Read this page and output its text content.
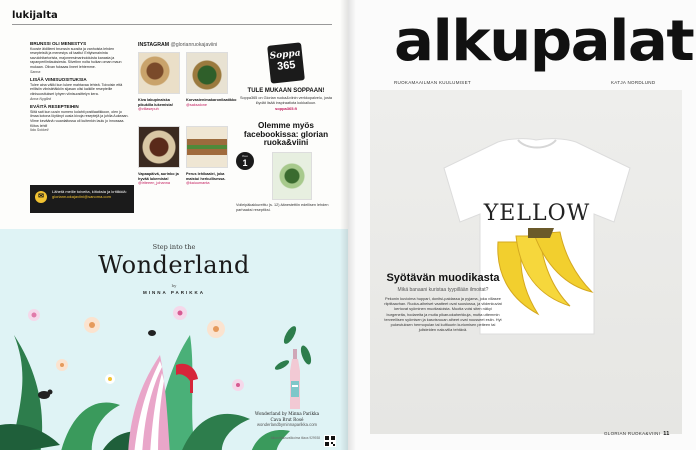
lukijalta
BRUNSSI OLI MENESTYS
Kooste äidillemi brunssin suosita ja vanhoista lehden resepteistä ja menestys oli taattu! Erityismaininta savulohitartorista, majoneesimarinoiduista kanasta ja rapanperilintiauksiesta. Siivelinn nolta huikan oman maun mukaan. Olivan fuksaas lineet lehtemme.
Sanna
LISÄÄ VIINISUOSITUKSIA
Tulee aina väliki kun lukee mahtavaa lehteä. Toivoisin että erillisiin viinisiirtäkkiin sijasan olisi kaikille resepteille viinisuositukset lyhyen viinisuosittelyn kera.
Anna Nygård
EVÄITÄ RESEPTEIHIN
Siitä sait kun uusin numero kolahti postilaatikkoon, olen jo ilmaa kotona löytänyt uusia kivoja reseptejä ja juhlia Aukeaan. Viime keväänä ruuanlaitossa oli kuitenkin laulu jo innossaa. Kiitos lehti!
Ilda Sokkeli
✉
Lähetä meille toiveita, kiitoksia ja kritiikkiä:
glorianruokajaviini@sanoma.com
INSTAGRAM @glorianruokajaviini
Kiva lakupinaiska pikukilla lukemista!
@villasepuh
Korvasienimakaronilaatikko
@saksalone
Vapaapäivä, aurinko ja hyvää lukemista!
@iriteeen_johanna
Perus lehikaalei, joka maistui herkullisessa.
@kaiuumanta
Soppa
365
TULE MUKAAN SOPPAAN!
Soppa365 on Glorian ruoka&viinin verkkopalvelu, josta löydät lisää inspiraatiota kokkailuun.
soppa365.fi
Olemme myös facebookissa: glorian ruoka&viini
Kuu
1
Voileipäkakkureittu (s. 12) äänestettiin edellisen lehden parhaaksi reseptiksi.
Step into the
Wonderland
by
MINNA PARIKKA
Wonderland by Minna Parikka
Cava Brut Rosé
wonderlandbyminnaparikka.com
Alkon tilausvalikoima tilaus 929938
alkupalat
RUOKAMAAILMAN KUULUMISET	KATJA NORDLUND
YELLOW
Syötävän muodikasta
Mikä banaani kuristaa tyypillään ilmoitat?
Pekonin kuvioima huppari, donitsi-paidassa ja pyjama, joka villasee riiptitaavhan. Ruoka-aiheiset vaatteet ovat suosiossa, ja viidenkuviat kertovat syöminen muotiasioista. Muotia voisi siten näkyi burgeneita, hodareita ja muita pikaruokaherkkuja, mutta uttemmin terveellisen syömisen ja kasvisruuan aiheet ovat nousseet esiin. Hyt pukeutuksen hermopulan tai kulttuurin kuriomisen peiteen tai julisteiden nakuvilla tehtävä.
GLORIAN RUOKA&VIINI 11
